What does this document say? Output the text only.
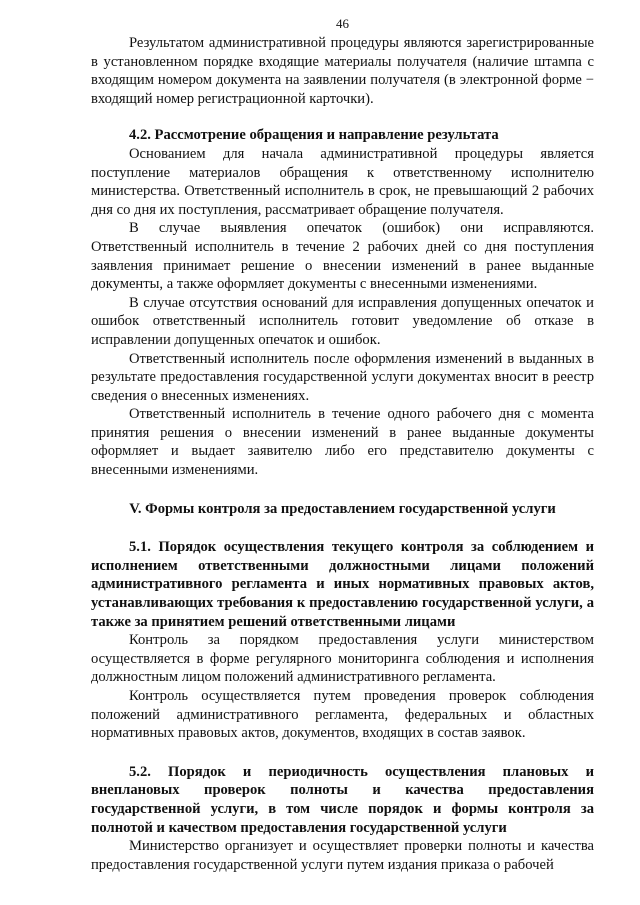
46

Результатом административной процедуры являются зарегистрированные в установленном порядке входящие материалы получателя (наличие штампа с входящим номером документа на заявлении получателя (в электронной форме − входящий номер регистрационной карточки).

4.2. Рассмотрение обращения и направление результата

Основанием для начала административной процедуры является поступление материалов обращения к ответственному исполнителю министерства. Ответственный исполнитель в срок, не превышающий 2 рабочих дня со дня их поступления, рассматривает обращение получателя.

В случае выявления опечаток (ошибок) они исправляются. Ответственный исполнитель в течение 2 рабочих дней со дня поступления заявления принимает решение о внесении изменений в ранее выданные документы, а также оформляет документы с внесенными изменениями.

В случае отсутствия оснований для исправления допущенных опечаток и ошибок ответственный исполнитель готовит уведомление об отказе в исправлении допущенных опечаток и ошибок.

Ответственный исполнитель после оформления изменений в выданных в результате предоставления государственной услуги документах вносит в реестр сведения о внесенных изменениях.

Ответственный исполнитель в течение одного рабочего дня с момента принятия решения о внесении изменений в ранее выданные документы оформляет и выдает заявителю либо его представителю документы с внесенными изменениями.

V. Формы контроля за предоставлением государственной услуги

5.1. Порядок осуществления текущего контроля за соблюдением и исполнением ответственными должностными лицами положений административного регламента и иных нормативных правовых актов, устанавливающих требования к предоставлению государственной услуги, а также за принятием решений ответственными лицами

Контроль за порядком предоставления услуги министерством осуществляется в форме регулярного мониторинга соблюдения и исполнения должностным лицом положений административного регламента.

Контроль осуществляется путем проведения проверок соблюдения положений административного регламента, федеральных и областных нормативных правовых актов, документов, входящих в состав заявок.

5.2. Порядок и периодичность осуществления плановых и внеплановых проверок полноты и качества предоставления государственной услуги, в том числе порядок и формы контроля за полнотой и качеством предоставления государственной услуги

Министерство организует и осуществляет проверки полноты и качества предоставления государственной услуги путем издания приказа о рабочей
